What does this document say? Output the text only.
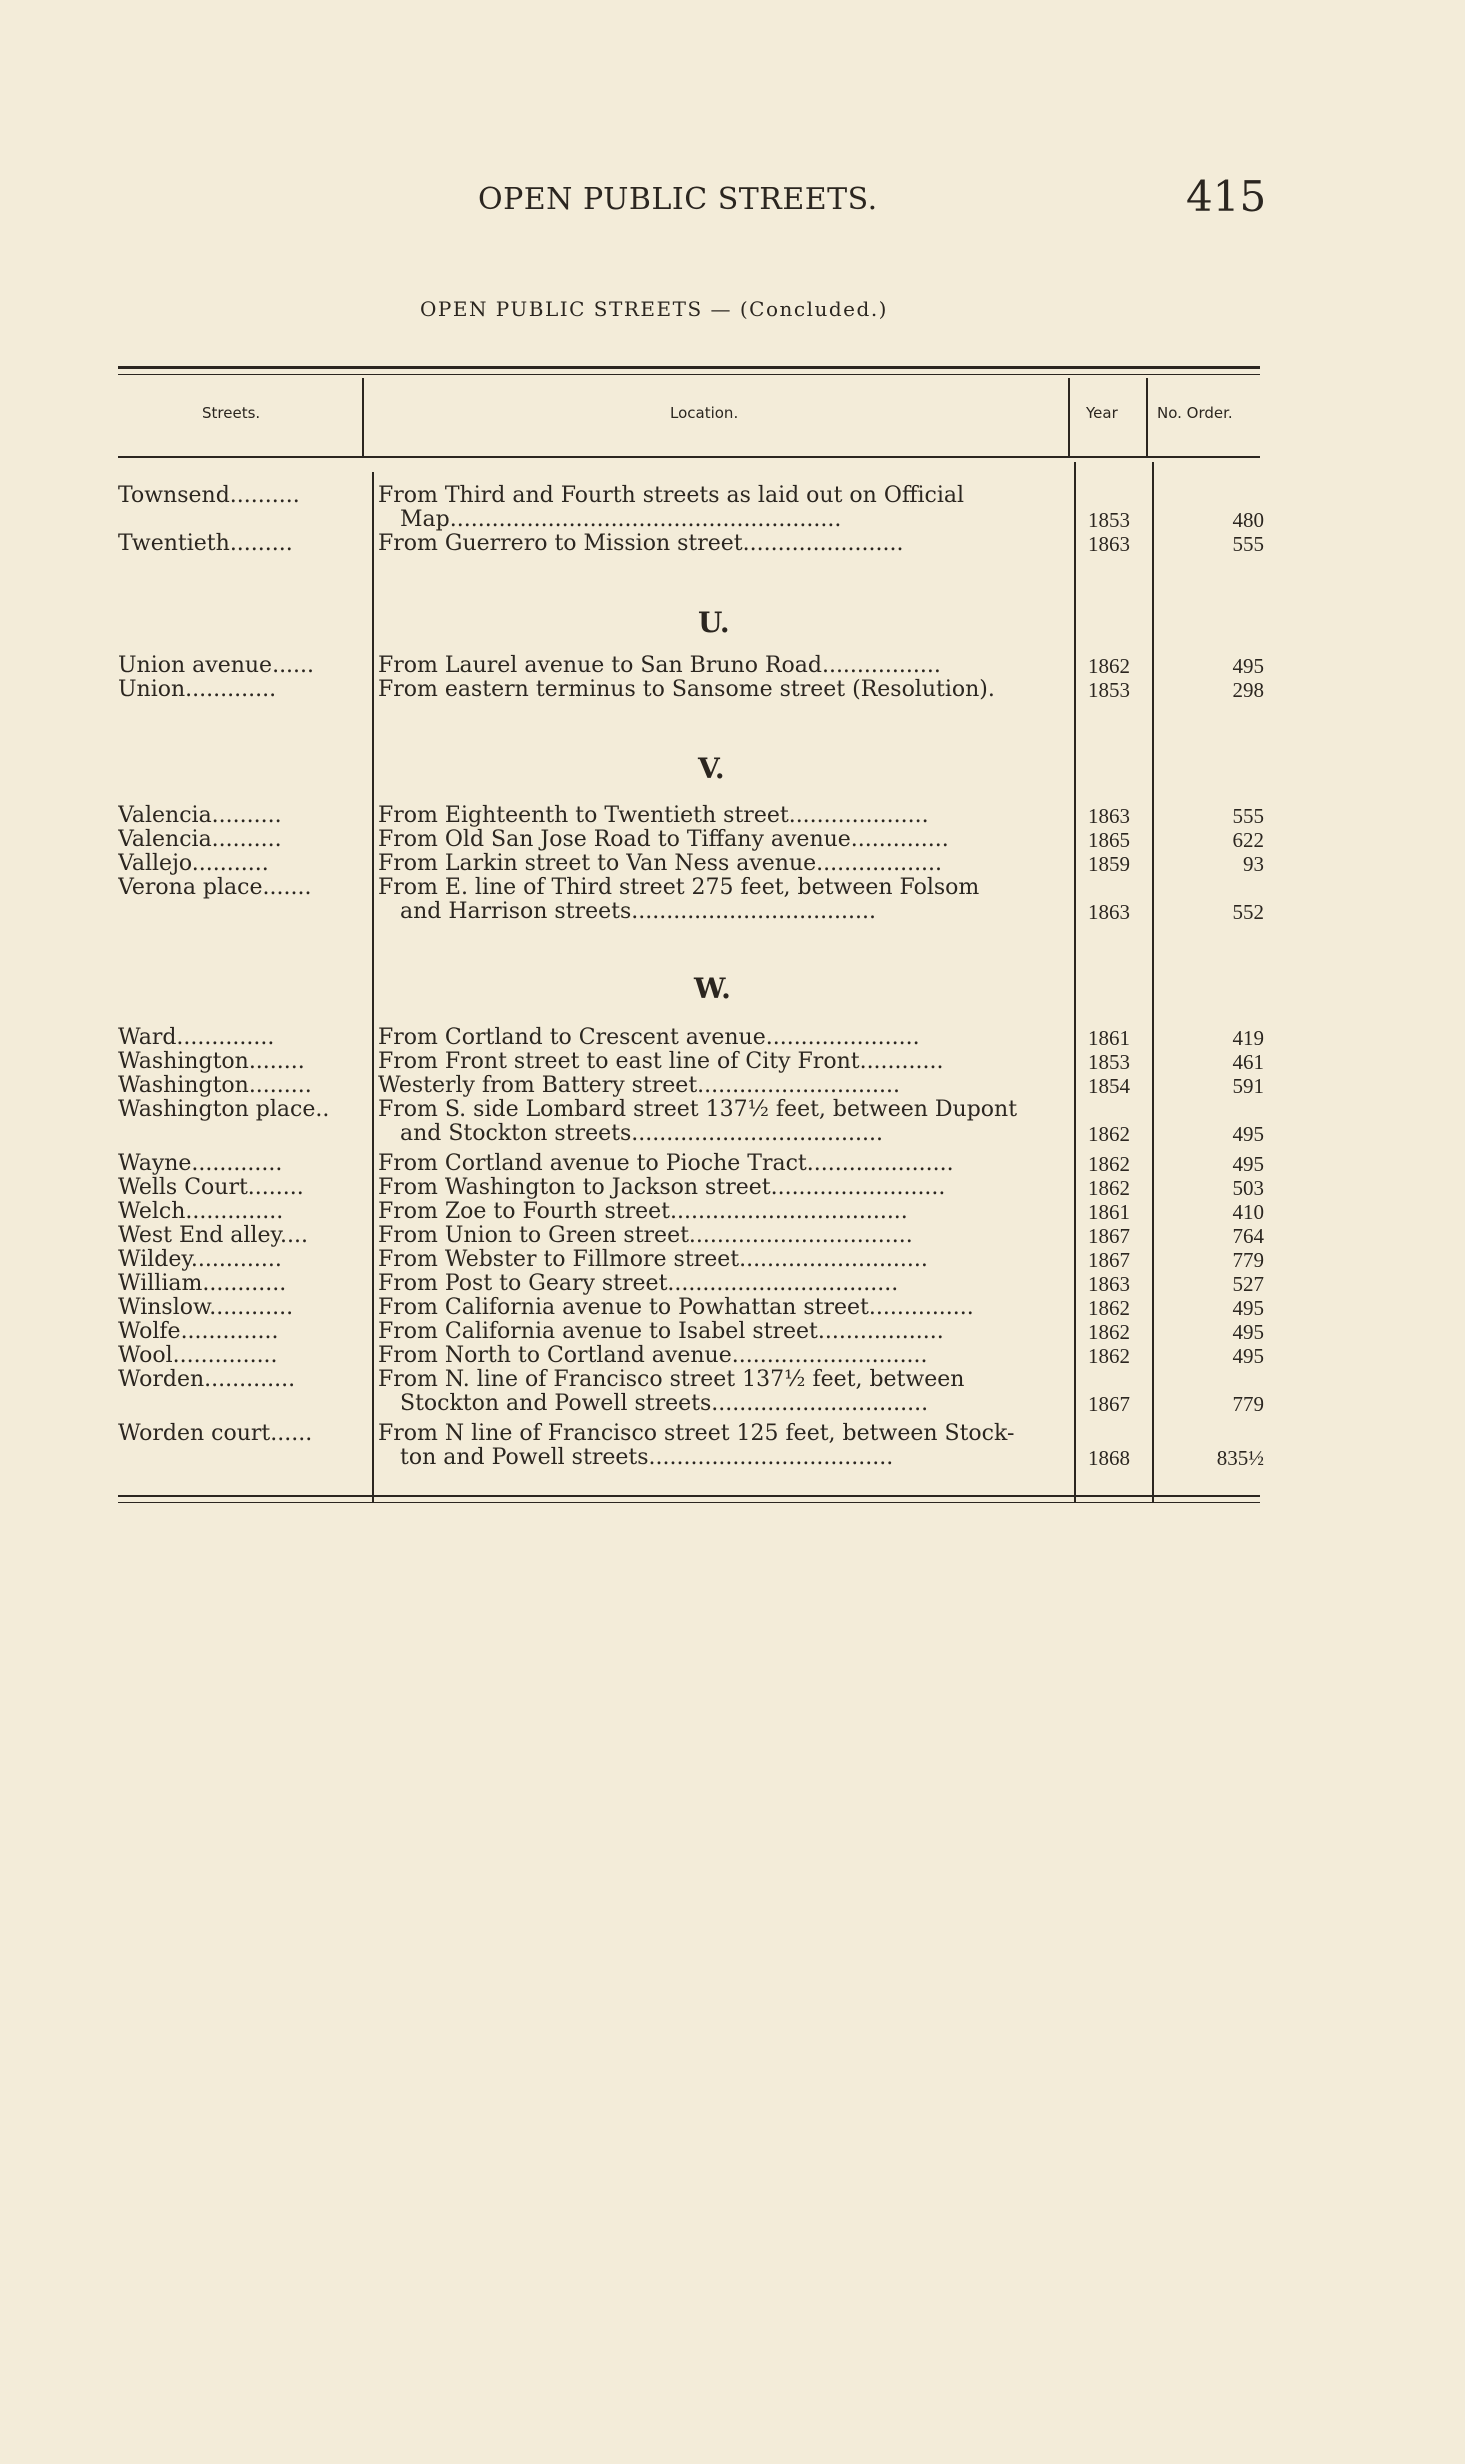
OPEN PUBLIC STREETS.	415
OPEN PUBLIC STREETS — (Concluded.)
Streets.	Location.	Year	No. Order.
U.
V.
W.
Townsend..........	From Third and Fourth streets as laid out on Official
Map........................................................	1853	480
Twentieth.........	From Guerrero to Mission street.......................	1863	555
Union avenue......	From Laurel avenue to San Bruno Road.................	1862	495
Union.............	From eastern terminus to Sansome street (Resolution).	1853	298
Valencia..........	From Eighteenth to Twentieth street....................	1863	555
Valencia..........	From Old San Jose Road to Tiffany avenue..............	1865	622
Vallejo...........	From Larkin street to Van Ness avenue..................	1859	93
Verona place.......	From E. line of Third street 275 feet, between Folsom
and Harrison streets...................................	1863	552
Ward..............	From Cortland to Crescent avenue......................	1861	419
Washington........	From Front street to east line of City Front............	1853	461
Washington.........	Westerly from Battery street.............................	1854	591
Washington place..	From S. side Lombard street 137½ feet, between Dupont
and Stockton streets....................................	1862	495
Wayne.............	From Cortland avenue to Pioche Tract.....................	1862	495
Wells Court........	From Washington to Jackson street.........................	1862	503
Welch..............	From Zoe to Fourth street..................................	1861	410
West End alley....	From Union to Green street................................	1867	764
Wildey.............	From Webster to Fillmore street...........................	1867	779
William............	From Post to Geary street.................................	1863	527
Winslow............	From California avenue to Powhattan street...............	1862	495
Wolfe..............	From California avenue to Isabel street..................	1862	495
Wool...............	From North to Cortland avenue............................	1862	495
Worden.............	From N. line of Francisco street 137½ feet, between
Stockton and Powell streets...............................	1867	779
Worden court......	From N line of Francisco street 125 feet, between Stock-
ton and Powell streets...................................	1868	835½
